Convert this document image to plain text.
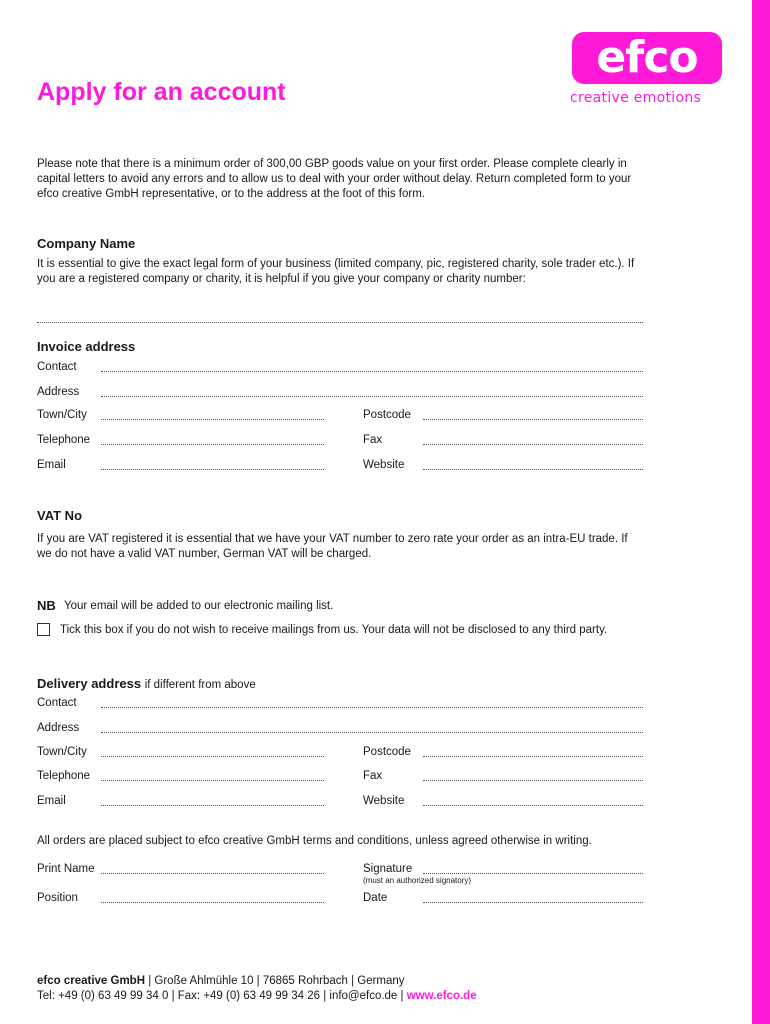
efco
creative emotions
Apply for an account

Please note that there is a minimum order of 300,00 GBP goods value on your first order. Please complete clearly in capital letters to avoid any errors and to allow us to deal with your order without delay. Return completed form to your efco creative GmbH representative, or to the address at the foot of this form.

Company Name

It is essential to give the exact legal form of your business (limited company, pic, registered charity, sole trader etc.). If you are a registered company or charity, it is helpful if you give your company or charity number:

Invoice address
Contact
Address
Town/City	Postcode
Telephone	Fax
Email	Website
VAT No

If you are VAT registered it is essential that we have your VAT number to zero rate your order as an intra-EU trade. If we do not have a valid VAT number, German VAT will be charged.

NB Your email will be added to our electronic mailing list.

Tick this box if you do not wish to receive mailings from us. Your data will not be disclosed to any third party.

Delivery address if different from above
Contact
Address
Town/City	Postcode
Telephone	Fax
Email	Website

All orders are placed subject to efco creative GmbH terms and conditions, unless agreed otherwise in writing.

Print Name	Signature
(must an authorized signatory)
Position	Date

efco creative GmbH | Große Ahlmühle 10 | 76865 Rohrbach | Germany
Tel: +49 (0) 63 49 99 34 0 | Fax: +49 (0) 63 49 99 34 26 | info@efco.de | www.efco.de
